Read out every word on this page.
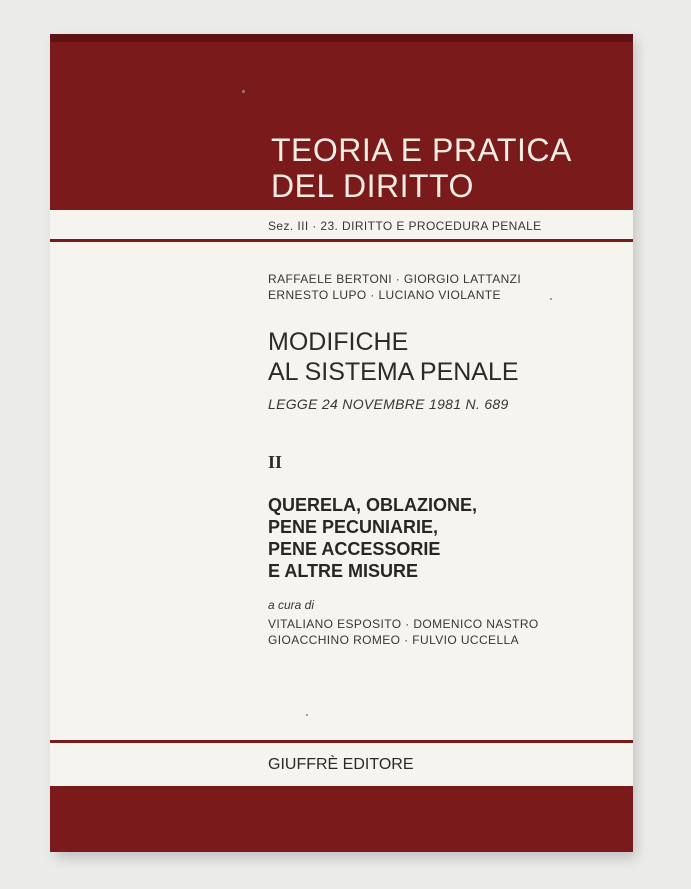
TEORIA E PRATICA
DEL DIRITTO
Sez. III · 23. DIRITTO E PROCEDURA PENALE
RAFFAELE BERTONI · GIORGIO LATTANZI
ERNESTO LUPO · LUCIANO VIOLANTE
MODIFICHE
AL SISTEMA PENALE
LEGGE 24 NOVEMBRE 1981 N. 689
II
QUERELA, OBLAZIONE,
PENE PECUNIARIE,
PENE ACCESSORIE
E ALTRE MISURE
a cura di
VITALIANO ESPOSITO · DOMENICO NASTRO
GIOACCHINO ROMEO · FULVIO UCCELLA
GIUFFRÈ EDITORE
